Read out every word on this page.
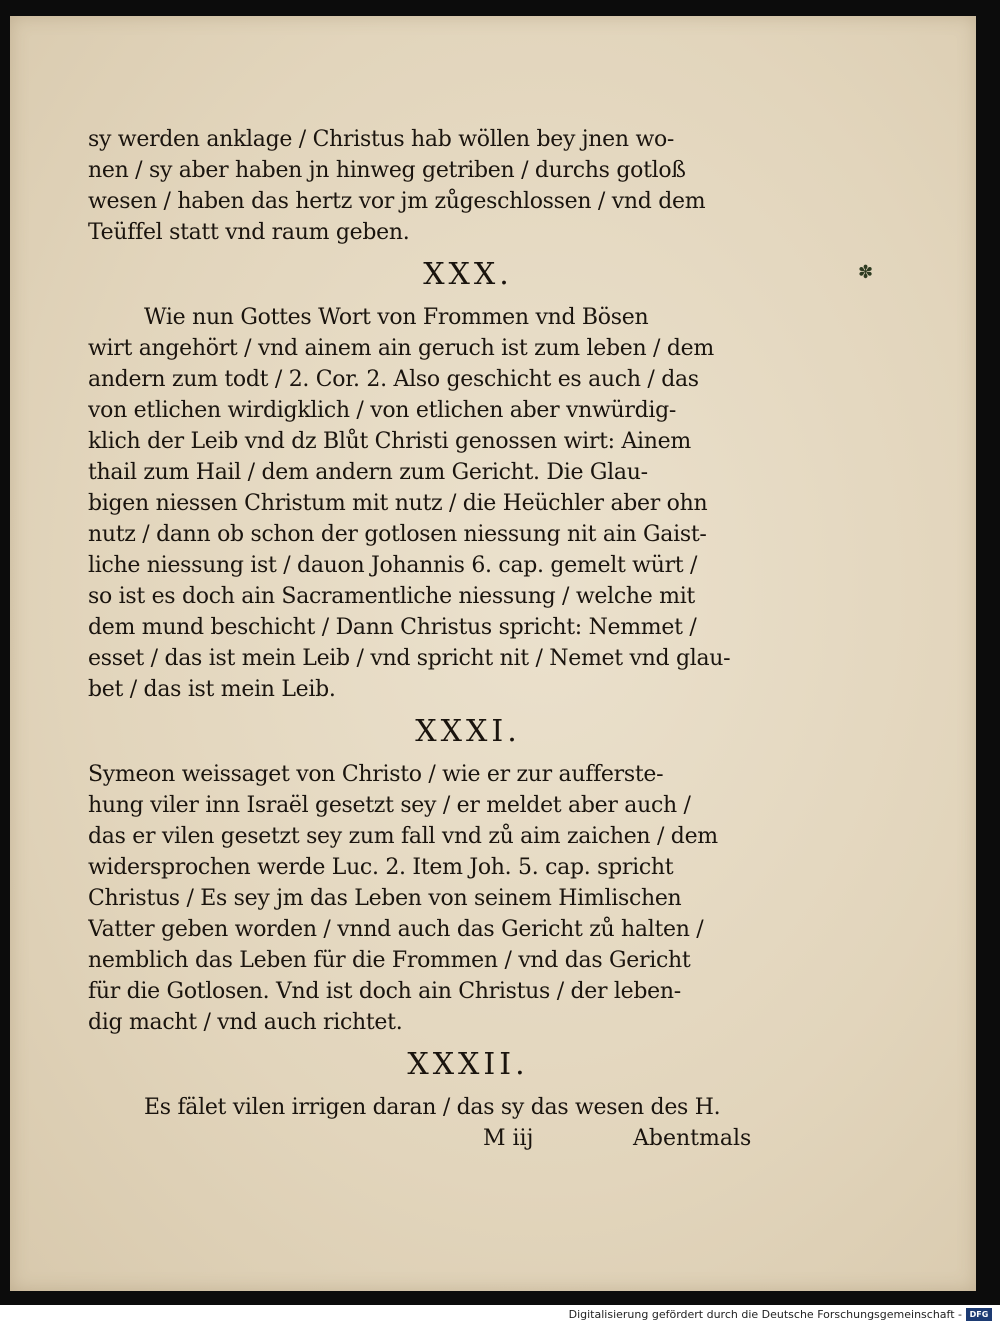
✽
sy werden anklage / Christus hab wöllen bey jnen wo-
nen / sy aber haben jn hinweg getriben / durchs gotloß
wesen / haben das hertz vor jm zůgeschlossen / vnd dem
Teüffel statt vnd raum geben.
XXX.
Wie nun Gottes Wort von Frommen vnd Bösen
wirt angehört / vnd ainem ain geruch ist zum leben / dem
andern zum todt / 2. Cor. 2. Also geschicht es auch / das
von etlichen wirdigklich / von etlichen aber vnwürdig-
klich der Leib vnd dz Blůt Christi genossen wirt: Ainem
thail zum Hail / dem andern zum Gericht. Die Glau-
bigen niessen Christum mit nutz / die Heüchler aber ohn
nutz / dann ob schon der gotlosen niessung nit ain Gaist-
liche niessung ist / dauon Johannis 6. cap. gemelt würt /
so ist es doch ain Sacramentliche niessung / welche mit
dem mund beschicht / Dann Christus spricht: Nemmet /
esset / das ist mein Leib / vnd spricht nit / Nemet vnd glau-
bet / das ist mein Leib.
XXXI.
Symeon weissaget von Christo / wie er zur aufferste-
hung viler inn Israël gesetzt sey / er meldet aber auch /
das er vilen gesetzt sey zum fall vnd zů aim zaichen / dem
widersprochen werde Luc. 2. Item Joh. 5. cap. spricht
Christus / Es sey jm das Leben von seinem Himlischen
Vatter geben worden / vnnd auch das Gericht zů halten /
nemblich das Leben für die Frommen / vnd das Gericht
für die Gotlosen. Vnd ist doch ain Christus / der leben-
dig macht / vnd auch richtet.
XXXII.
Es fälet vilen irrigen daran / das sy das wesen des H.
M iij	Abentmals
Digitalisierung gefördert durch die Deutsche Forschungsgemeinschaft - DFG
